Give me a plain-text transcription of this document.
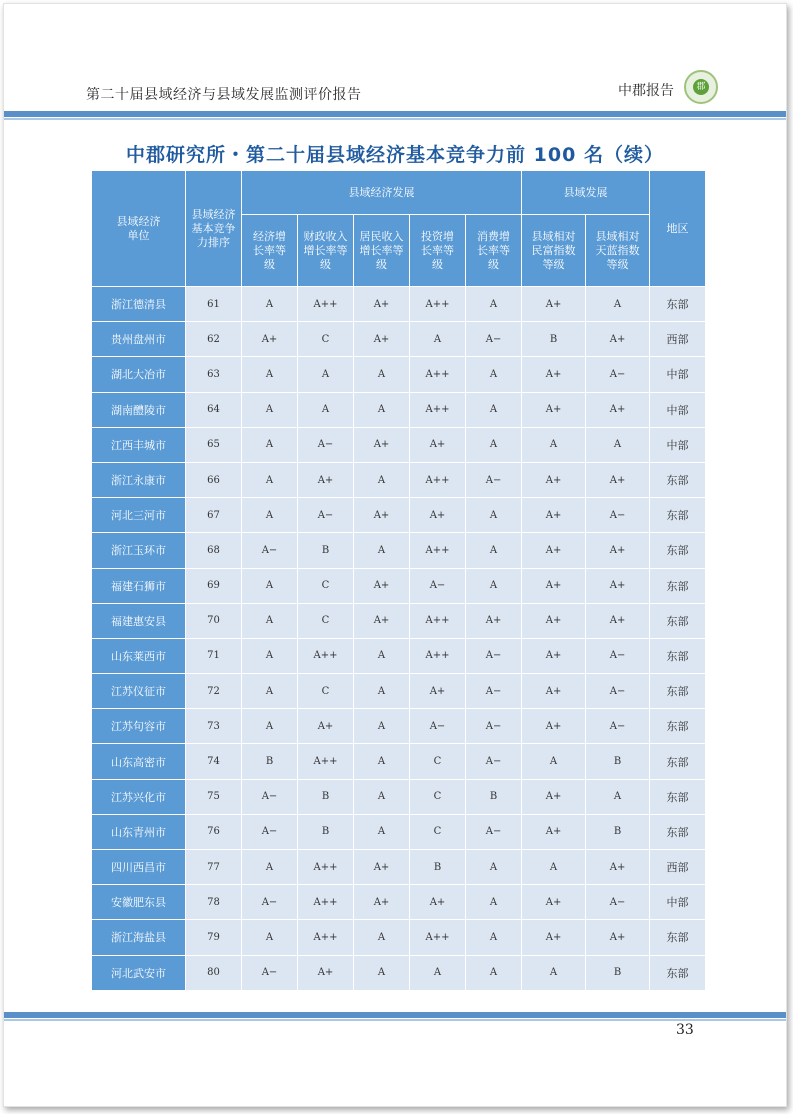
第二十届县域经济与县域发展监测评价报告	中郡报告	郡
中郡研究所・第二十届县域经济基本竞争力前 100 名（续）
县域经济单位	县域经济基本竞争力排序	县域经济发展					县域发展		地区

		经济增长率等级	财政收入增长率等级	居民收入增长率等级	投资增长率等级	消费增长率等级	县域相对民富指数等级	县域相对天蓝指数等级	

浙江德清县	61	A	A++	A+	A++	A	A+	A	东部
贵州盘州市	62	A+	C	A+	A	A−	B	A+	西部
湖北大冶市	63	A	A	A	A++	A	A+	A−	中部
湖南醴陵市	64	A	A	A	A++	A	A+	A+	中部
江西丰城市	65	A	A−	A+	A+	A	A	A	中部
浙江永康市	66	A	A+	A	A++	A−	A+	A+	东部
河北三河市	67	A	A−	A+	A+	A	A+	A−	东部
浙江玉环市	68	A−	B	A	A++	A	A+	A+	东部
福建石狮市	69	A	C	A+	A−	A	A+	A+	东部
福建惠安县	70	A	C	A+	A++	A+	A+	A+	东部
山东莱西市	71	A	A++	A	A++	A−	A+	A−	东部
江苏仪征市	72	A	C	A	A+	A−	A+	A−	东部
江苏句容市	73	A	A+	A	A−	A−	A+	A−	东部
山东高密市	74	B	A++	A	C	A−	A	B	东部
江苏兴化市	75	A−	B	A	C	B	A+	A	东部
山东青州市	76	A−	B	A	C	A−	A+	B	东部
四川西昌市	77	A	A++	A+	B	A	A	A+	西部
安徽肥东县	78	A−	A++	A+	A+	A	A+	A−	中部
浙江海盐县	79	A	A++	A	A++	A	A+	A+	东部
河北武安市	80	A−	A+	A	A	A	A	B	东部
33
